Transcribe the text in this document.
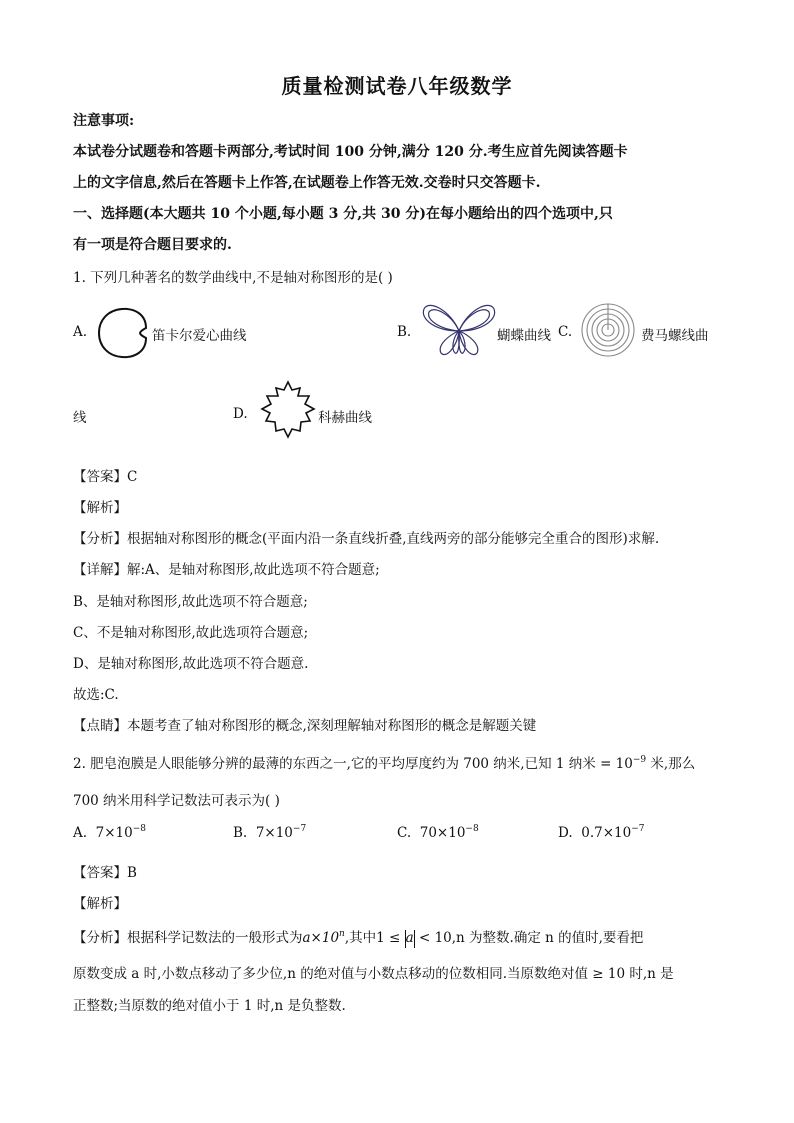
质量检测试卷八年级数学
注意事项:
本试卷分试题卷和答题卡两部分,考试时间 100 分钟,满分 120 分.考生应首先阅读答题卡
上的文字信息,然后在答题卡上作答,在试题卷上作答无效.交卷时只交答题卡.
一、选择题(本大题共 10 个小题,每小题 3 分,共 30 分)在每小题给出的四个选项中,只
有一项是符合题目要求的.
1. 下列几种著名的数学曲线中,不是轴对称图形的是( )
A.	笛卡尔爱心曲线	B.	蝴蝶曲线 C.	费马螺线曲
线	D.	科赫曲线
【答案】C
【解析】
【分析】根据轴对称图形的概念(平面内沿一条直线折叠,直线两旁的部分能够完全重合的图形)求解.
【详解】解:A、是轴对称图形,故此选项不符合题意;
B、是轴对称图形,故此选项不符合题意;
C、不是轴对称图形,故此选项符合题意;
D、是轴对称图形,故此选项不符合题意.
故选:C.
【点睛】本题考查了轴对称图形的概念,深刻理解轴对称图形的概念是解题关键
2. 肥皂泡膜是人眼能够分辨的最薄的东西之一,它的平均厚度约为 700 纳米,已知 1 纳米 = $10^{-9}$ 米,那么
700 纳米用科学记数法可表示为( )
A. $7\times 10^{-8}$	B. $7\times 10^{-7}$	C. $70\times 10^{-8}$	D. $0.7\times 10^{-7}$
【答案】B
【解析】
【分析】根据科学记数法的一般形式为$a\times 10^n$,其中1 ≤ a < 10,n 为整数.确定 n 的值时,要看把
原数变成 a 时,小数点移动了多少位,n 的绝对值与小数点移动的位数相同.当原数绝对值 ≥ 10 时,n 是
正整数;当原数的绝对值小于 1 时,n 是负整数.
